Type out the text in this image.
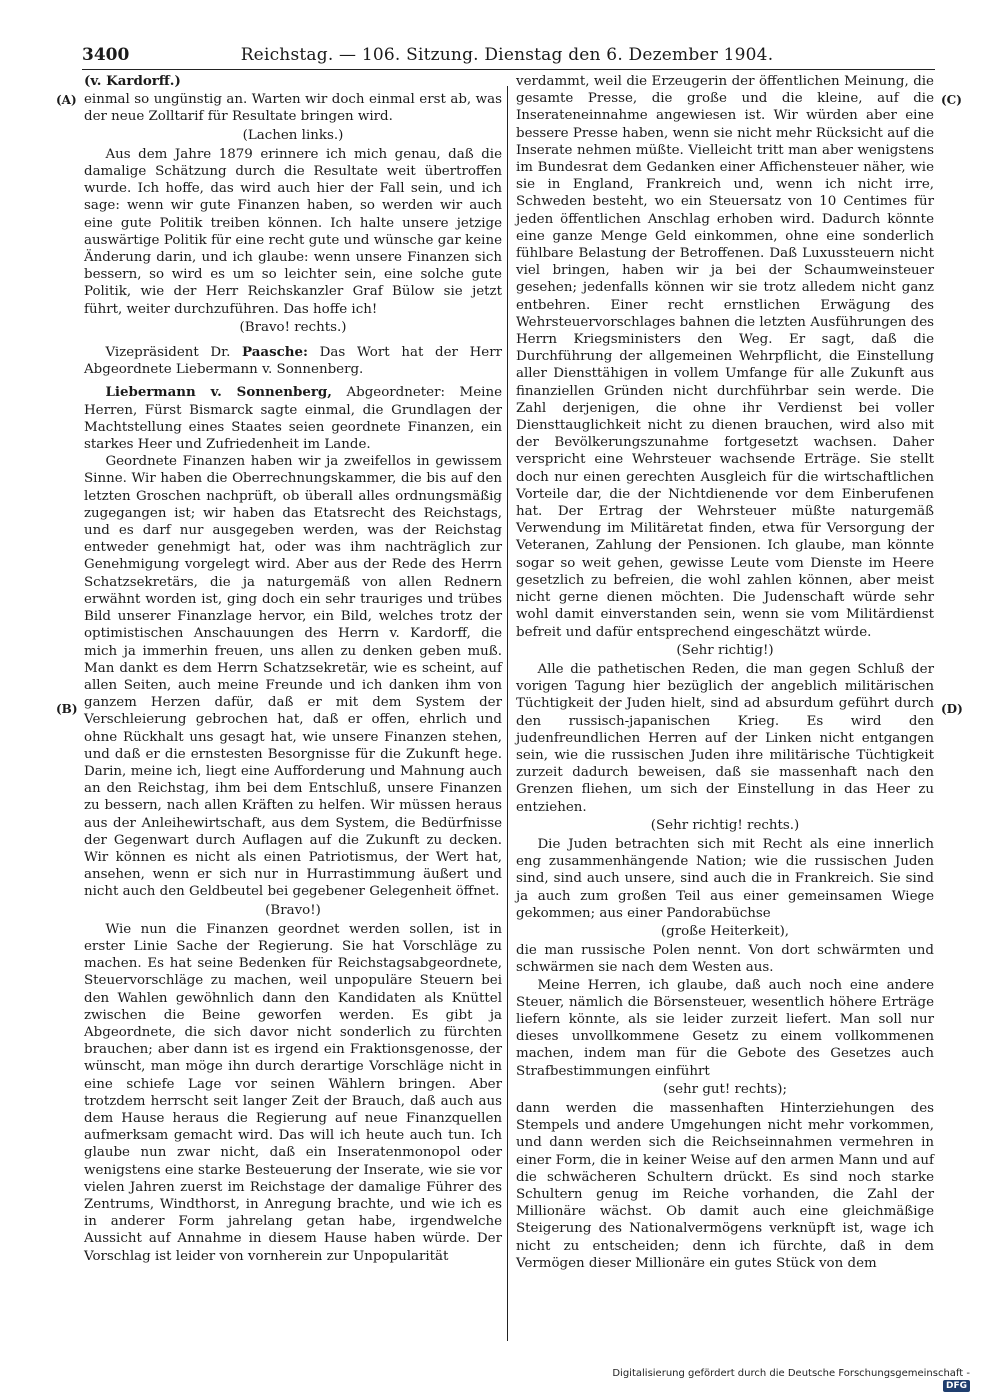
3400	Reichstag. — 106. Sitzung. Dienstag den 6. Dezember 1904.
(A)
(B)
(C)
(D)

(v. Kardorff.)

einmal so ungünstig an. Warten wir doch einmal erst ab, was der neue Zolltarif für Resultate bringen wird.

(Lachen links.)

Aus dem Jahre 1879 erinnere ich mich genau, daß die damalige Schätzung durch die Resultate weit übertroffen wurde. Ich hoffe, das wird auch hier der Fall sein, und ich sage: wenn wir gute Finanzen haben, so werden wir auch eine gute Politik treiben können. Ich halte unsere jetzige auswärtige Politik für eine recht gute und wünsche gar keine Änderung darin, und ich glaube: wenn unsere Finanzen sich bessern, so wird es um so leichter sein, eine solche gute Politik, wie der Herr Reichskanzler Graf Bülow sie jetzt führt, weiter durchzuführen. Das hoffe ich!

(Bravo! rechts.)

Vizepräsident Dr. Paasche: Das Wort hat der Herr Abgeordnete Liebermann v. Sonnenberg.

Liebermann v. Sonnenberg, Abgeordneter: Meine Herren, Fürst Bismarck sagte einmal, die Grundlagen der Machtstellung eines Staates seien geordnete Finanzen, ein starkes Heer und Zufriedenheit im Lande.

Geordnete Finanzen haben wir ja zweifellos in gewissem Sinne. Wir haben die Oberrechnungskammer, die bis auf den letzten Groschen nachprüft, ob überall alles ordnungsmäßig zugegangen ist; wir haben das Etatsrecht des Reichstags, und es darf nur ausgegeben werden, was der Reichstag entweder genehmigt hat, oder was ihm nachträglich zur Genehmigung vorgelegt wird. Aber aus der Rede des Herrn Schatzsekretärs, die ja naturgemäß von allen Rednern erwähnt worden ist, ging doch ein sehr trauriges und trübes Bild unserer Finanzlage hervor, ein Bild, welches trotz der optimistischen Anschauungen des Herrn v. Kardorff, die mich ja immerhin freuen, uns allen zu denken geben muß. Man dankt es dem Herrn Schatzsekretär, wie es scheint, auf allen Seiten, auch meine Freunde und ich danken ihm von ganzem Herzen dafür, daß er mit dem System der Verschleierung gebrochen hat, daß er offen, ehrlich und ohne Rückhalt uns gesagt hat, wie unsere Finanzen stehen, und daß er die ernstesten Besorgnisse für die Zukunft hege. Darin, meine ich, liegt eine Aufforderung und Mahnung auch an den Reichstag, ihm bei dem Entschluß, unsere Finanzen zu bessern, nach allen Kräften zu helfen. Wir müssen heraus aus der Anleihewirtschaft, aus dem System, die Bedürfnisse der Gegenwart durch Auflagen auf die Zukunft zu decken. Wir können es nicht als einen Patriotismus, der Wert hat, ansehen, wenn er sich nur in Hurrastimmung äußert und nicht auch den Geldbeutel bei gegebener Gelegenheit öffnet.

(Bravo!)

Wie nun die Finanzen geordnet werden sollen, ist in erster Linie Sache der Regierung. Sie hat Vorschläge zu machen. Es hat seine Bedenken für Reichstagsabgeordnete, Steuervorschläge zu machen, weil unpopuläre Steuern bei den Wahlen gewöhnlich dann den Kandidaten als Knüttel zwischen die Beine geworfen werden. Es gibt ja Abgeordnete, die sich davor nicht sonderlich zu fürchten brauchen; aber dann ist es irgend ein Fraktionsgenosse, der wünscht, man möge ihn durch derartige Vorschläge nicht in eine schiefe Lage vor seinen Wählern bringen. Aber trotzdem herrscht seit langer Zeit der Brauch, daß auch aus dem Hause heraus die Regierung auf neue Finanzquellen aufmerksam gemacht wird. Das will ich heute auch tun. Ich glaube nun zwar nicht, daß ein Inseratenmonopol oder wenigstens eine starke Besteuerung der Inserate, wie sie vor vielen Jahren zuerst im Reichstage der damalige Führer des Zentrums, Windthorst, in Anregung brachte, und wie ich es in anderer Form jahrelang getan habe, irgendwelche Aussicht auf Annahme in diesem Hause haben würde. Der Vorschlag ist leider von vornherein zur Unpopularität

verdammt, weil die Erzeugerin der öffentlichen Meinung, die gesamte Presse, die große und die kleine, auf die Inserateneinnahme angewiesen ist. Wir würden aber eine bessere Presse haben, wenn sie nicht mehr Rücksicht auf die Inserate nehmen müßte. Vielleicht tritt man aber wenigstens im Bundesrat dem Gedanken einer Affichensteuer näher, wie sie in England, Frankreich und, wenn ich nicht irre, Schweden besteht, wo ein Steuersatz von 10 Centimes für jeden öffentlichen Anschlag erhoben wird. Dadurch könnte eine ganze Menge Geld einkommen, ohne eine sonderlich fühlbare Belastung der Betroffenen. Daß Luxussteuern nicht viel bringen, haben wir ja bei der Schaumweinsteuer gesehen; jedenfalls können wir sie trotz alledem nicht ganz entbehren. Einer recht ernstlichen Erwägung des Wehrsteuervorschlages bahnen die letzten Ausführungen des Herrn Kriegsministers den Weg. Er sagt, daß die Durchführung der allgemeinen Wehrpflicht, die Einstellung aller Diensttähigen in vollem Umfange für alle Zukunft aus finanziellen Gründen nicht durchführbar sein werde. Die Zahl derjenigen, die ohne ihr Verdienst bei voller Diensttauglichkeit nicht zu dienen brauchen, wird also mit der Bevölkerungszunahme fortgesetzt wachsen. Daher verspricht eine Wehrsteuer wachsende Erträge. Sie stellt doch nur einen gerechten Ausgleich für die wirtschaftlichen Vorteile dar, die der Nichtdienende vor dem Einberufenen hat. Der Ertrag der Wehrsteuer müßte naturgemäß Verwendung im Militäretat finden, etwa für Versorgung der Veteranen, Zahlung der Pensionen. Ich glaube, man könnte sogar so weit gehen, gewisse Leute vom Dienste im Heere gesetzlich zu befreien, die wohl zahlen können, aber meist nicht gerne dienen möchten. Die Judenschaft würde sehr wohl damit einverstanden sein, wenn sie vom Militärdienst befreit und dafür entsprechend eingeschätzt würde.

(Sehr richtig!)

Alle die pathetischen Reden, die man gegen Schluß der vorigen Tagung hier bezüglich der angeblich militärischen Tüchtigkeit der Juden hielt, sind ad absurdum geführt durch den russisch-japanischen Krieg. Es wird den judenfreundlichen Herren auf der Linken nicht entgangen sein, wie die russischen Juden ihre militärische Tüchtigkeit zurzeit dadurch beweisen, daß sie massenhaft nach den Grenzen fliehen, um sich der Einstellung in das Heer zu entziehen.

(Sehr richtig! rechts.)

Die Juden betrachten sich mit Recht als eine innerlich eng zusammenhängende Nation; wie die russischen Juden sind, sind auch unsere, sind auch die in Frankreich. Sie sind ja auch zum großen Teil aus einer gemeinsamen Wiege gekommen; aus einer Pandorabüchse

(große Heiterkeit),

die man russische Polen nennt. Von dort schwärmten und schwärmen sie nach dem Westen aus.

Meine Herren, ich glaube, daß auch noch eine andere Steuer, nämlich die Börsensteuer, wesentlich höhere Erträge liefern könnte, als sie leider zurzeit liefert. Man soll nur dieses unvollkommene Gesetz zu einem vollkommenen machen, indem man für die Gebote des Gesetzes auch Strafbestimmungen einführt

(sehr gut! rechts);

dann werden die massenhaften Hinterziehungen des Stempels und andere Umgehungen nicht mehr vorkommen, und dann werden sich die Reichseinnahmen vermehren in einer Form, die in keiner Weise auf den armen Mann und auf die schwächeren Schultern drückt. Es sind noch starke Schultern genug im Reiche vorhanden, die Zahl der Millionäre wächst. Ob damit auch eine gleichmäßige Steigerung des Nationalvermögens verknüpft ist, wage ich nicht zu entscheiden; denn ich fürchte, daß in dem Vermögen dieser Millionäre ein gutes Stück von dem

Digitalisierung gefördert durch die Deutsche Forschungsgemeinschaft -DFG
